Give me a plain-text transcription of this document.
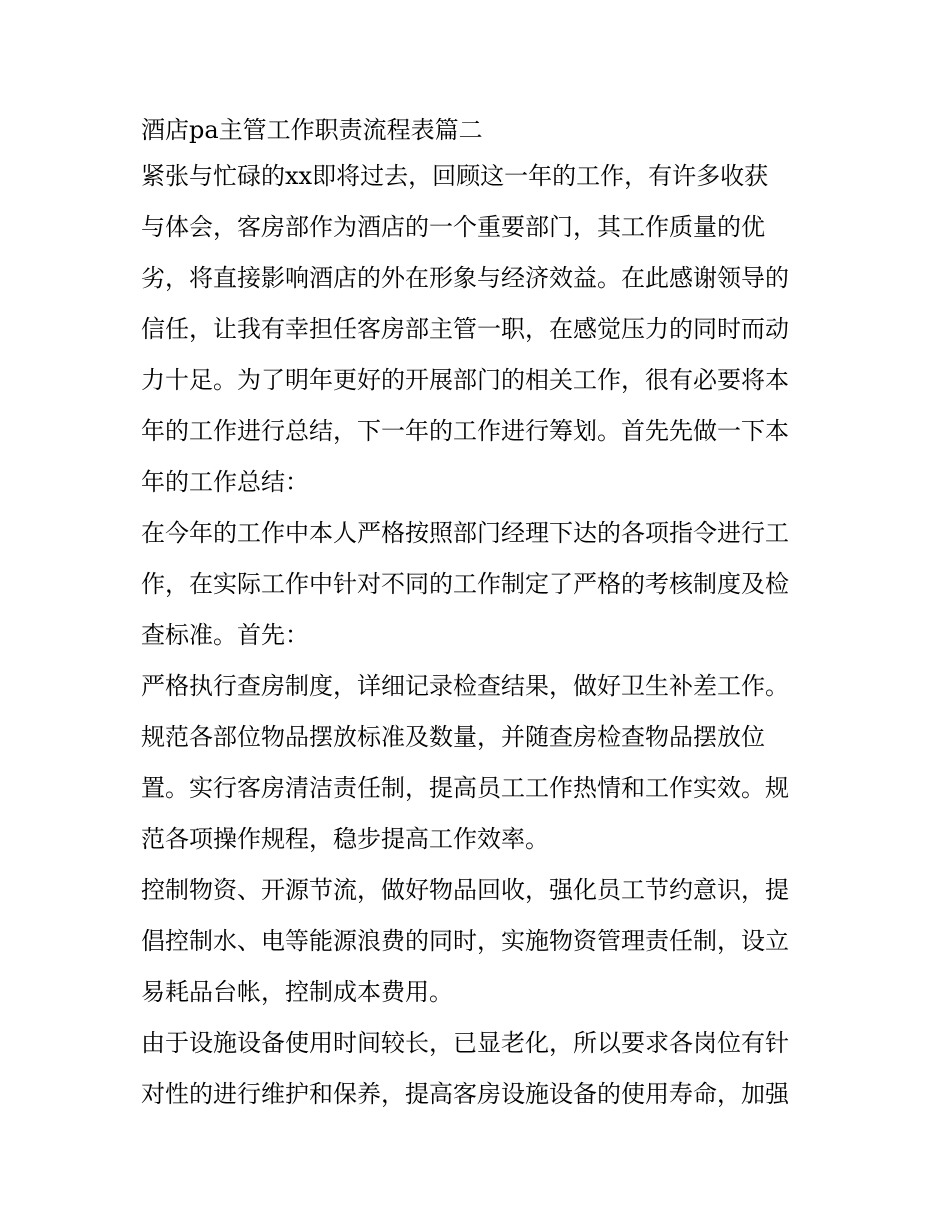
酒店pa主管工作职责流程表篇二

紧张与忙碌的xx即将过去，回顾这一年的工作，有许多收获

与体会，客房部作为酒店的一个重要部门，其工作质量的优

劣，将直接影响酒店的外在形象与经济效益。在此感谢领导的

信任，让我有幸担任客房部主管一职，在感觉压力的同时而动

力十足。为了明年更好的开展部门的相关工作，很有必要将本

年的工作进行总结，下一年的工作进行筹划。首先先做一下本

年的工作总结：

在今年的工作中本人严格按照部门经理下达的各项指令进行工

作，在实际工作中针对不同的工作制定了严格的考核制度及检

查标准。首先：

严格执行查房制度，详细记录检查结果，做好卫生补差工作。

规范各部位物品摆放标准及数量，并随查房检查物品摆放位

置。实行客房清洁责任制，提高员工工作热情和工作实效。规

范各项操作规程，稳步提高工作效率。

控制物资、开源节流，做好物品回收，强化员工节约意识，提

倡控制水、电等能源浪费的同时，实施物资管理责任制，设立

易耗品台帐，控制成本费用。

由于设施设备使用时间较长，已显老化，所以要求各岗位有针

对性的进行维护和保养，提高客房设施设备的使用寿命，加强
